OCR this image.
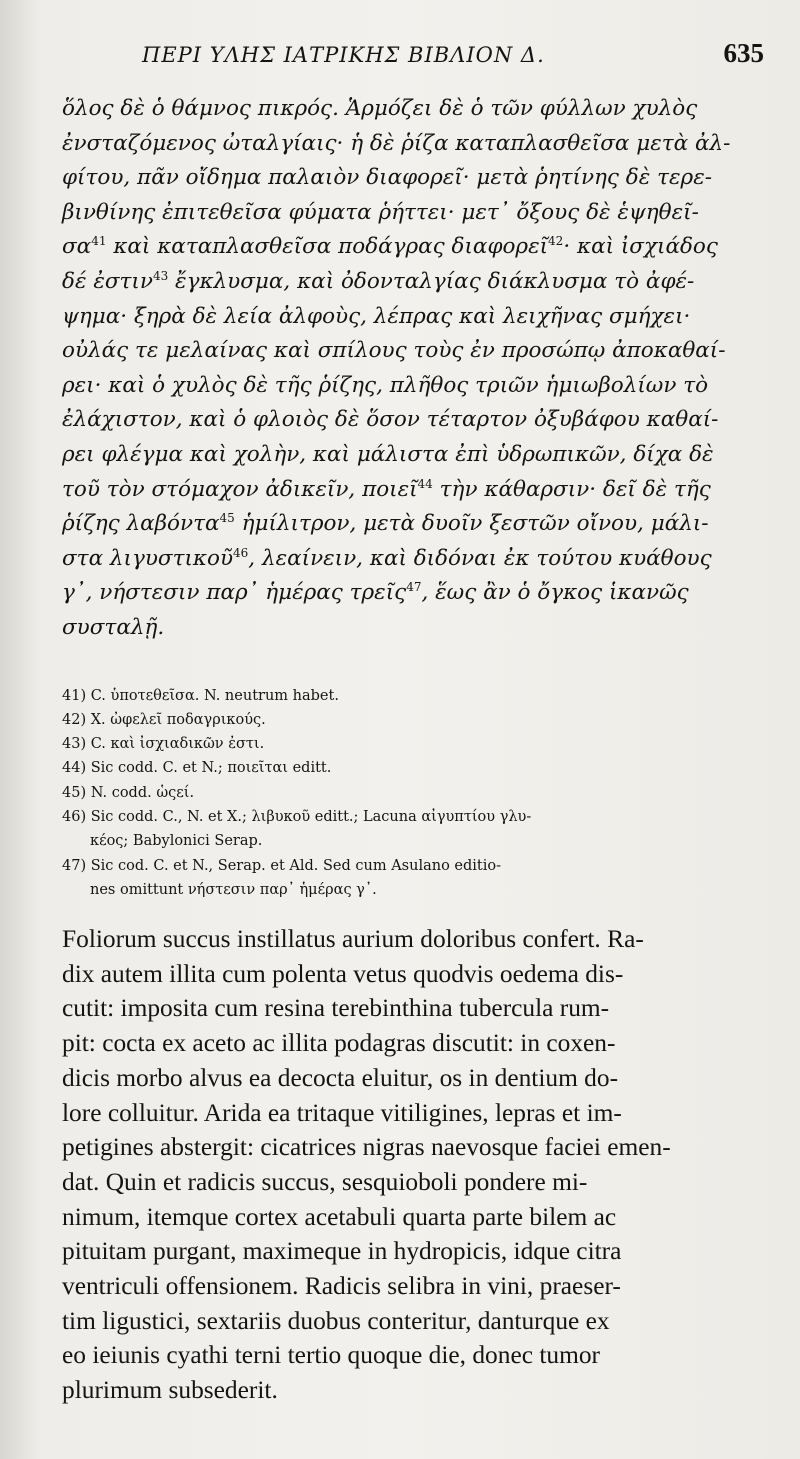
ΠΕΡΙ ΥΛΗΣ ΙΑΤΡΙΚΗΣ ΒΙΒΛΙΟΝ Δ.	635
ὅλος δὲ ὁ θάμνος πικρός. Ἁρμόζει δὲ ὁ τῶν φύλλων χυλὸς
ἐνσταζόμενος ὠταλγίαις· ἡ δὲ ῥίζα καταπλασθεῖσα μετὰ ἀλ-
φίτου, πᾶν οἴδημα παλαιὸν διαφορεῖ· μετὰ ῥητίνης δὲ τερε-
βινθίνης ἐπιτεθεῖσα φύματα ῥήττει· μετ᾽ ὄξους δὲ ἑψηθεῖ-
$\sigma\alpha^{41}$ καὶ καταπλασθεῖσα ποδάγρας διαφορεῖ$^{42}$· καὶ ἰσχιάδος
δέ ἐστιν$^{43}$ ἔγκλυσμα, καὶ ὀδονταλγίας διάκλυσμα τὸ ἀφέ-
ψημα· ξηρὰ δὲ λεία ἀλφοὺς, λέπρας καὶ λειχῆνας σμήχει·
οὐλάς τε μελαίνας καὶ σπίλους τοὺς ἐν προσώπῳ ἀποκαθαί-
ρει· καὶ ὁ χυλὸς δὲ τῆς ῥίζης, πλῆθος τριῶν ἡμιωβολίων τὸ
ἐλάχιστον, καὶ ὁ φλοιὸς δὲ ὅσον τέταρτον ὀξυβάφου καθαί-
ρει φλέγμα καὶ χολὴν, καὶ μάλιστα ἐπὶ ὑδρωπικῶν, δίχα δὲ
τοῦ τὸν στόμαχον ἀδικεῖν, ποιεῖ$^{44}$ τὴν κάθαρσιν· δεῖ δὲ τῆς
ῥίζης λαβόντα$^{45}$ ἡμίλιτρον, μετὰ δυοῖν ξεστῶν οἴνου, μάλι-
στα λιγυστικοῦ$^{46}$, λεαίνειν, καὶ διδόναι ἐκ τούτου κυάθους
γ᾽, νήστεσιν παρ᾽ ἡμέρας τρεῖς$^{47}$, ἕως ἂν ὁ ὄγκος ἱκανῶς
συσταλῇ.
41) C. ὑποτεθεῖσα. N. neutrum habet.
42) X. ὠφελεῖ ποδαγρικούς.
43) C. καὶ ἰσχιαδικῶν ἐστι.
44) Sic codd. C. et N.; ποιεῖται editt.
45) N. codd. ὡςεί.
46) Sic codd. C., N. et X.; λιβυκοῦ editt.; Lacuna αἰγυπτίου γλυ-
κέος; Babylonici Serap.
47) Sic cod. C. et N., Serap. et Ald. Sed cum Asulano editio-
nes omittunt νήστεσιν παρ᾽ ἡμέρας γ᾽.
Foliorum succus instillatus aurium doloribus confert. Ra-
dix autem illita cum polenta vetus quodvis oedema dis-
cutit: imposita cum resina terebinthina tubercula rum-
pit: cocta ex aceto ac illita podagras discutit: in coxen-
dicis morbo alvus ea decocta eluitur, os in dentium do-
lore colluitur. Arida ea tritaque vitiligines, lepras et im-
petigines abstergit: cicatrices nigras naevosque faciei emen-
dat. Quin et radicis succus, sesquioboli pondere mi-
nimum, itemque cortex acetabuli quarta parte bilem ac
pituitam purgant, maximeque in hydropicis, idque citra
ventriculi offensionem. Radicis selibra in vini, praeser-
tim ligustici, sextariis duobus conteritur, danturque ex
eo ieiunis cyathi terni tertio quoque die, donec tumor
plurimum subsederit.
